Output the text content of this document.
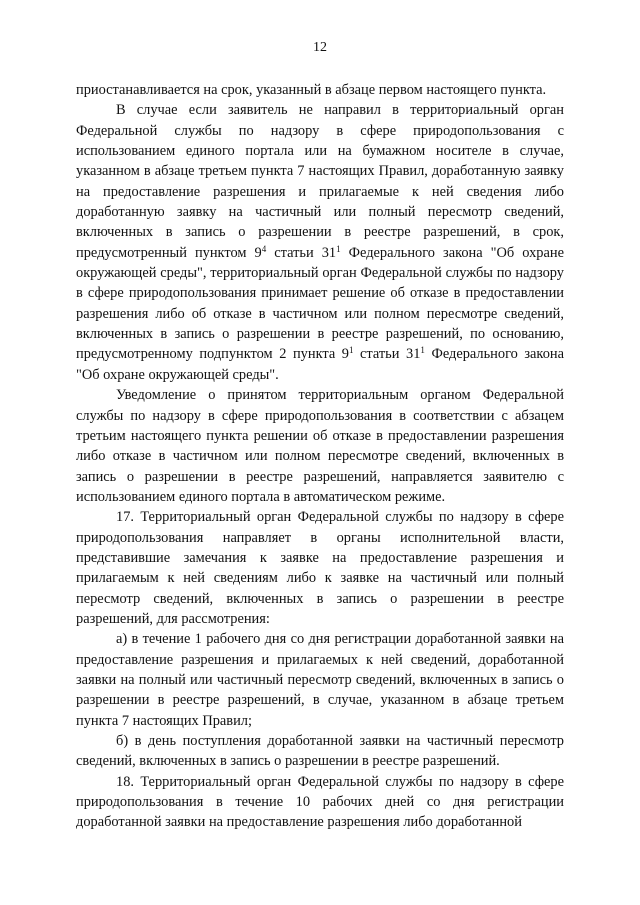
12

приостанавливается на срок, указанный в абзаце первом настоящего пункта.

В случае если заявитель не направил в территориальный орган Федеральной службы по надзору в сфере природопользования с использованием единого портала или на бумажном носителе в случае, указанном в абзаце третьем пункта 7 настоящих Правил, доработанную заявку на предоставление разрешения и прилагаемые к ней сведения либо доработанную заявку на частичный или полный пересмотр сведений, включенных в запись о разрешении в реестре разрешений, в срок, предусмотренный пунктом $9^4$ статьи $31^1$ Федерального закона "Об охране окружающей среды", территориальный орган Федеральной службы по надзору в сфере природопользования принимает решение об отказе в предоставлении разрешения либо об отказе в частичном или полном пересмотре сведений, включенных в запись о разрешении в реестре разрешений, по основанию, предусмотренному подпунктом 2 пункта $9^1$ статьи $31^1$ Федерального закона "Об охране окружающей среды".

Уведомление о принятом территориальным органом Федеральной службы по надзору в сфере природопользования в соответствии с абзацем третьим настоящего пункта решении об отказе в предоставлении разрешения либо отказе в частичном или полном пересмотре сведений, включенных в запись о разрешении в реестре разрешений, направляется заявителю с использованием единого портала в автоматическом режиме.

17. Территориальный орган Федеральной службы по надзору в сфере природопользования направляет в органы исполнительной власти, представившие замечания к заявке на предоставление разрешения и прилагаемым к ней сведениям либо к заявке на частичный или полный пересмотр сведений, включенных в запись о разрешении в реестре разрешений, для рассмотрения:

а) в течение 1 рабочего дня со дня регистрации доработанной заявки на предоставление разрешения и прилагаемых к ней сведений, доработанной заявки на полный или частичный пересмотр сведений, включенных в запись о разрешении в реестре разрешений, в случае, указанном в абзаце третьем пункта 7 настоящих Правил;

б) в день поступления доработанной заявки на частичный пересмотр сведений, включенных в запись о разрешении в реестре разрешений.

18. Территориальный орган Федеральной службы по надзору в сфере природопользования в течение 10 рабочих дней со дня регистрации доработанной заявки на предоставление разрешения либо доработанной
